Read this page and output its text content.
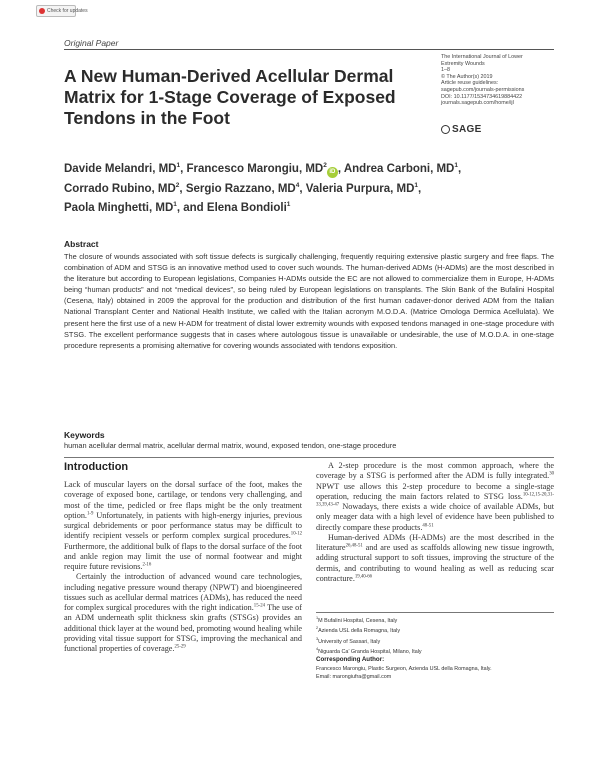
Check for updates
Original Paper
A New Human-Derived Acellular Dermal Matrix for 1-Stage Coverage of Exposed Tendons in the Foot
The International Journal of Lower
Extremity Wounds
1–8
© The Author(s) 2019
Article reuse guidelines:
sagepub.com/journals-permissions
DOI: 10.1177/1534734619884422
journals.sagepub.com/home/ijl
SAGE
Davide Melandri, $MD^1$, Francesco Marongiu, $MD^2iD$ , Andrea Carboni, $MD^1$,
Corrado Rubino, $MD^2$, Sergio Razzano, $MD^4$, Valeria Purpura, $MD^1$,
Paola Minghetti, $MD^1$, and Elena Bondioli$^1$
Abstract
The closure of wounds associated with soft tissue defects is surgically challenging, frequently requiring extensive plastic surgery and free flaps. The combination of ADM and STSG is an innovative method used to cover such wounds. The human-derived ADMs (H-ADMs) are the most described in the literature but according to European legislations, Companies H-ADMs outside the EC are not allowed to commercialize them in Europe, H-ADMs being “human products” and not “medical devices”, so being ruled by European legislations on transplants. The Skin Bank of the Bufalini Hospital (Cesena, Italy) obtained in 2009 the approval for the production and distribution of the first human cadaver-donor derived ADM from the Italian National Transplant Center and National Health Institute, we called with the Italian acronym M.O.D.A. (Matrice Omologa Dermica Acellulata). We present here the first use of a new H-ADM for treatment of distal lower extremity wounds with exposed tendons managed in one-stage procedure with STSG. The excellent performance suggests that in cases where autologous tissue is unavailable or undesirable, the use of M.O.D.A. in one-stage procedure represents a promising alternative for covering wounds associated with tendons exposition.
Keywords
human acellular dermal matrix, acellular dermal matrix, wound, exposed tendon, one-stage procedure
Introduction

Lack of muscular layers on the dorsal surface of the foot, makes the coverage of exposed bone, cartilage, or tendons very challenging, and most of the time, pedicled or free flaps might be the only treatment option.$^{1-9}$ Unfortunately, in patients with high-energy injuries, previous surgical debridements or poor performance status may be difficult to identify recipient vessels or perform complex surgical procedures.$^{10-12}$ Furthermore, the additional bulk of flaps to the dorsal surface of the foot and ankle region may limit the use of normal footwear and might require future revisions.$^{2-16}$

Certainly the introduction of advanced wound care technologies, including negative pressure wound therapy (NPWT) and bioengineered tissues such as acellular dermal matrices (ADMs), has reduced the need for complex surgical procedures with the right indication.$^{15-24}$ The use of an ADM underneath split thickness skin grafts (STSGs) provides an additional thick layer at the wound bed, promoting wound healing while providing vital tissue support for STSG, improving the mechanical and functional properties of coverage.$^{25-29}$

A 2-step procedure is the most common approach, where the coverage by a STSG is performed after the ADM is fully integrated.$^{30}$ NPWT use allows this 2-step procedure to become a single-stage operation, reducing the main factors related to STSG loss.$^{10-12,15-20,31-33,39,43-47}$ Nowadays, there exists a wide choice of available ADMs, but only meager data with a high level of evidence have been published to directly compare these products.$^{48-51}$

Human-derived ADMs (H-ADMs) are the most described in the literature$^{26,48-51}$ and are used as scaffolds allowing new tissue ingrowth, adding structural support to soft tissues, improving the structure of the dermis, and contributing to wound healing as well as reducing scar contracture.$^{19,40-66}$

$^1$M Bufalini Hospital, Cesena, Italy
$^2$Azienda USL della Romagna, Italy
$^3$University of Sassari, Italy
$^4$Niguarda Ca’ Granda Hospital, Milano, Italy
Corresponding Author:
Francesco Marongiu, Plastic Surgeon, Azienda USL della Romagna, Italy.
Email: marongiufra@gmail.com
